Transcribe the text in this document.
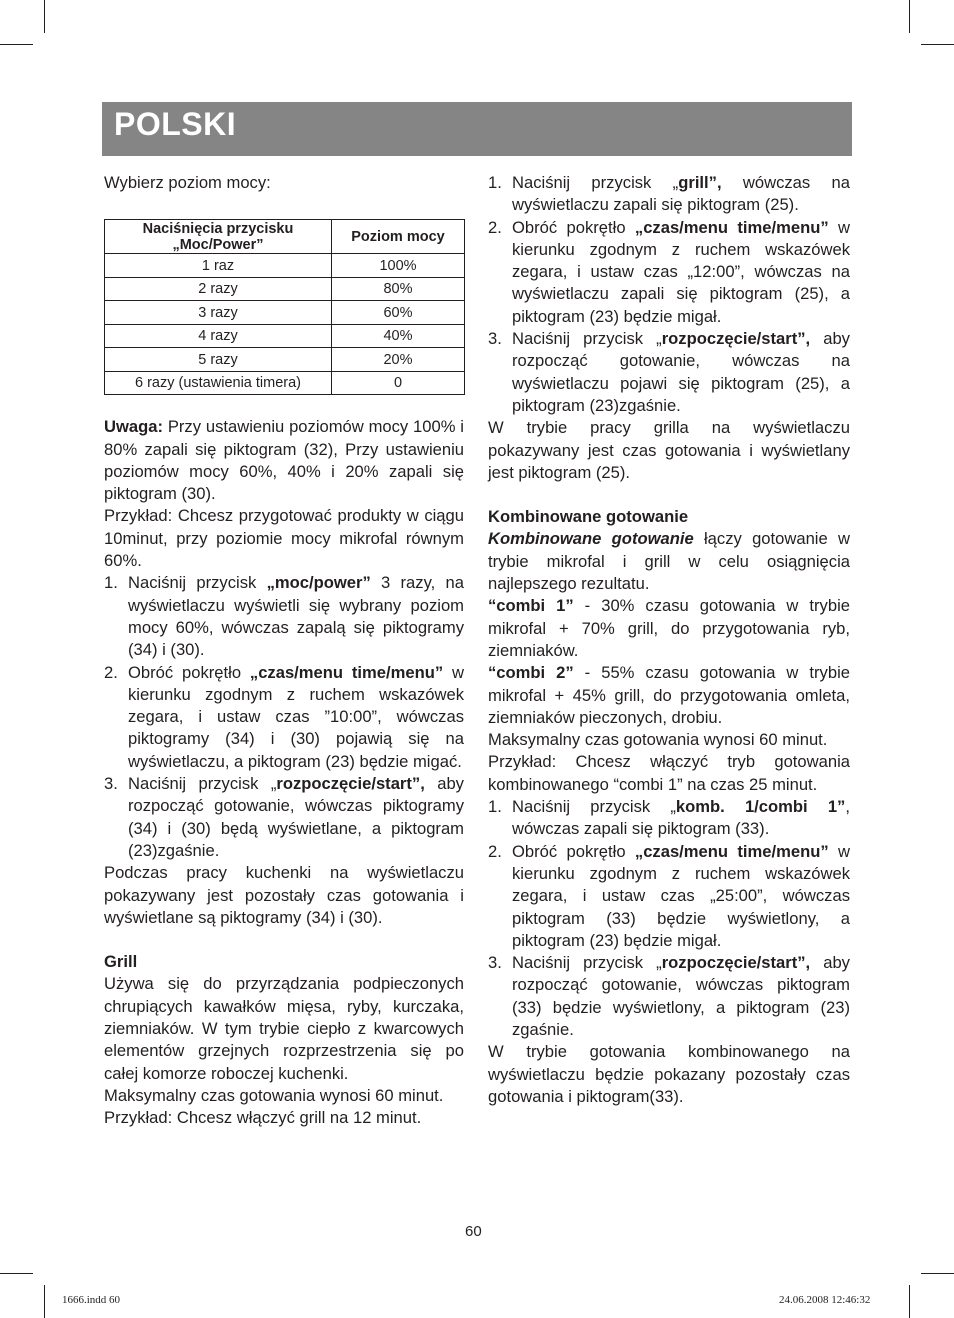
POLSKI

Wybierz poziom mocy:

Naciśnięcia przycisku „Moc/Power”	Poziom mocy
1 raz	100%
2 razy	80%
3 razy	60%
4 razy	40%
5 razy	20%
6 razy (ustawienia timera)	0

Uwaga: Przy ustawieniu poziomów mocy 100% i 80% zapali się piktogram (32), Przy ustawieniu poziomów mocy 60%, 40% i 20% zapali się piktogram (30).

Przykład: Chcesz przygotować produkty w ciągu 10minut, przy poziomie mocy mikrofal równym 60%.

1. Naciśnij przycisk „moc/power” 3 razy, na wyświetlaczu wyświetli się wybrany poziom mocy 60%, wówczas zapalą się piktogramy (34) i (30).
2. Obróć pokrętło „czas/menu time/menu” w kierunku zgodnym z ruchem wskazówek zegara, i ustaw czas ”10:00”, wówczas piktogramy (34) i (30) pojawią się na wyświetlaczu, a piktogram (23) będzie migać.
3. Naciśnij przycisk „rozpoczęcie/start”, aby rozpocząć gotowanie, wówczas piktogramy (34) i (30) będą wyświetlane, a piktogram (23)zgaśnie.

Podczas pracy kuchenki na wyświetlaczu pokazywany jest pozostały czas gotowania i wyświetlane są piktogramy (34) i (30).

Grill

Używa się do przyrządzania podpieczonych chrupiących kawałków mięsa, ryby, kurczaka, ziemniaków. W tym trybie ciepło z kwarcowych elementów grzejnych rozprzestrzenia się po całej komorze roboczej kuchenki.

Maksymalny czas gotowania wynosi 60 minut.

Przykład: Chcesz włączyć grill na 12 minut.

1. Naciśnij przycisk „grill”, wówczas na wyświetlaczu zapali się piktogram (25).
2. Obróć pokrętło „czas/menu time/menu” w kierunku zgodnym z ruchem wskazówek zegara, i ustaw czas „12:00”, wówczas na wyświetlaczu zapali się piktogram (25), a piktogram (23) będzie migał.
3. Naciśnij przycisk „rozpoczęcie/start”, aby rozpocząć gotowanie, wówczas na wyświetlaczu pojawi się piktogram (25), a piktogram (23)zgaśnie.

W trybie pracy grilla na wyświetlaczu pokazywany jest czas gotowania i wyświetlany jest piktogram (25).

Kombinowane gotowanie

Kombinowane gotowanie łączy gotowanie w trybie mikrofal i grill w celu osiągnięcia najlepszego rezultatu.

“combi 1” - 30% czasu gotowania w trybie mikrofal + 70% grill, do przygotowania ryb, ziemniaków.

“combi 2” - 55% czasu gotowania w trybie mikrofal + 45% grill, do przygotowania omleta, ziemniaków pieczonych, drobiu.

Maksymalny czas gotowania wynosi 60 minut.

Przykład: Chcesz włączyć tryb gotowania kombinowanego “combi 1” na czas 25 minut.

1. Naciśnij przycisk „komb. 1/combi 1”, wówczas zapali się piktogram (33).
2. Obróć pokrętło „czas/menu time/menu” w kierunku zgodnym z ruchem wskazówek zegara, i ustaw czas „25:00”, wówczas piktogram (33) będzie wyświetlony, a piktogram (23) będzie migał.
3. Naciśnij przycisk „rozpoczęcie/start”, aby rozpocząć gotowanie, wówczas piktogram (33) będzie wyświetlony, a piktogram (23) zgaśnie.

W trybie gotowania kombinowanego na wyświetlaczu będzie pokazany pozostały czas gotowania i piktogram(33).

60
1666.indd 60	24.06.2008 12:46:32
